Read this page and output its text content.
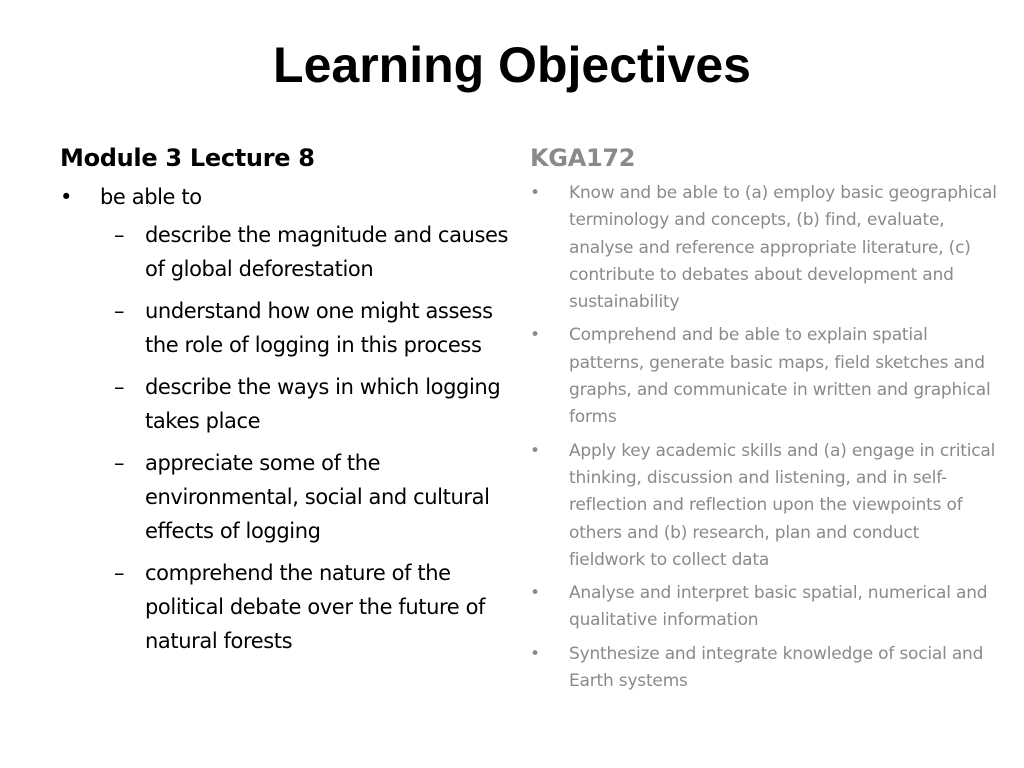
Learning Objectives
Module 3 Lecture 8
•	be able to
– describe the magnitude and causes of global deforestation
– understand how one might assess the role of logging in this process
– describe the ways in which logging takes place
– appreciate some of the environmental, social and cultural effects of logging
– comprehend the nature of the political debate over the future of natural forests
KGA172
• Know and be able to (a) employ basic geographical terminology and concepts, (b) find, evaluate, analyse and reference appropriate literature, (c) contribute to debates about development and sustainability
• Comprehend and be able to explain spatial patterns, generate basic maps, field sketches and graphs, and communicate in written and graphical forms
• Apply key academic skills and (a) engage in critical thinking, discussion and listening, and in self-reflection and reflection upon the viewpoints of others and (b) research, plan and conduct fieldwork to collect data
• Analyse and interpret basic spatial, numerical and qualitative information
• Synthesize and integrate knowledge of social and Earth systems
